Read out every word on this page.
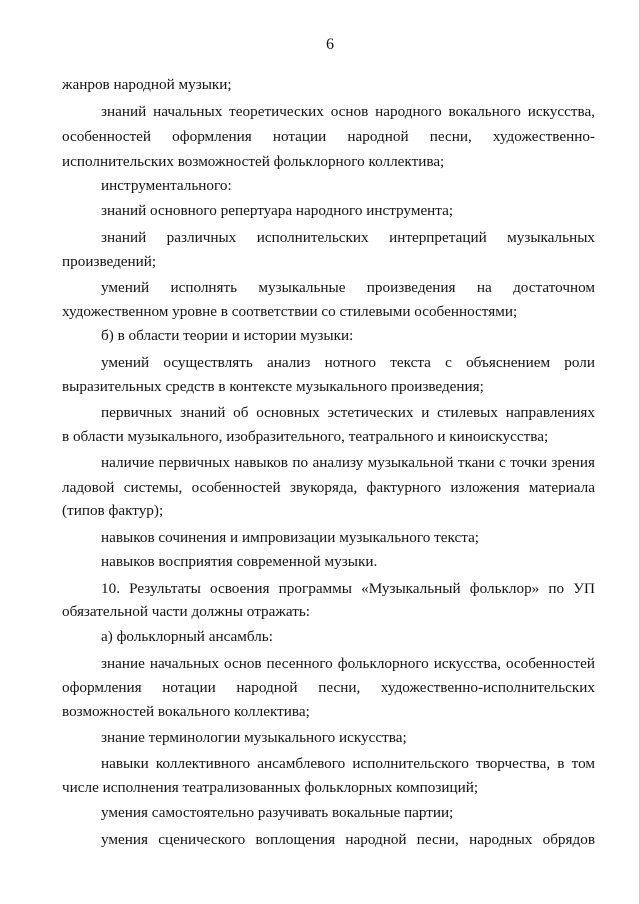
6
жанров народной музыки;
знаний начальных теоретических основ народного вокального искусства,
особенностей оформления нотации народной песни, художественно-
исполнительских возможностей фольклорного коллектива;
инструментального:
знаний основного репертуара народного инструмента;
знаний различных исполнительских интерпретаций музыкальных
произведений;
умений исполнять музыкальные произведения на достаточном
художественном уровне в соответствии со стилевыми особенностями;
б) в области теории и истории музыки:
умений осуществлять анализ нотного текста с объяснением роли
выразительных средств в контексте музыкального произведения;
первичных знаний об основных эстетических и стилевых направлениях
в области музыкального, изобразительного, театрального и киноискусства;
наличие первичных навыков по анализу музыкальной ткани с точки зрения
ладовой системы, особенностей звукоряда, фактурного изложения материала
(типов фактур);
навыков сочинения и импровизации музыкального текста;
навыков восприятия современной музыки.
10. Результаты освоения программы «Музыкальный фольклор» по УП
обязательной части должны отражать:
а) фольклорный ансамбль:
знание начальных основ песенного фольклорного искусства, особенностей
оформления нотации народной песни, художественно-исполнительских
возможностей вокального коллектива;
знание терминологии музыкального искусства;
навыки коллективного ансамблевого исполнительского творчества, в том
числе исполнения театрализованных фольклорных композиций;
умения самостоятельно разучивать вокальные партии;
умения сценического воплощения народной песни, народных обрядов
